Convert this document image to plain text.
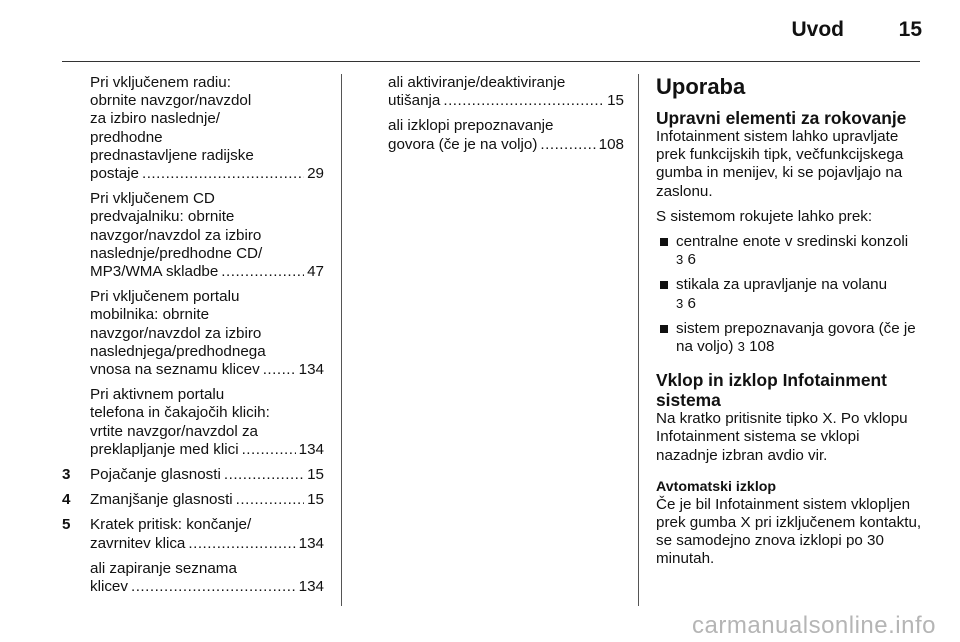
Uvod	15
Pri vključenem radiu:
obrnite navzgor/navzdol
za izbiro naslednje/
predhodne
prednastavljene radijske
postaje .....	29
Pri vključenem CD
predvajalniku: obrnite
navzgor/navzdol za izbiro
naslednje/predhodne CD/
MP3/WMA skladbe .....	47
Pri vključenem portalu
mobilnika: obrnite
navzgor/navzdol za izbiro
naslednjega/predhodnega
vnosa na seznamu klicev .....	134
Pri aktivnem portalu
telefona in čakajočih klicih:
vrtite navzgor/navzdol za
preklapljanje med klici .....	134
3 Pojačanje glasnosti .....	15
4 Zmanjšanje glasnosti .....	15
5 Kratek pritisk: končanje/
zavrnitev klica .....	134
ali zapiranje seznama
klicev .....	134
ali aktiviranje/deaktiviranje
utišanja .....	15
ali izklopi prepoznavanje
govora (če je na voljo) .....	108
Uporaba
Upravni elementi za rokovanje

Infotainment sistem lahko upravljate prek funkcijskih tipk, večfunkcijskega gumba in menijev, ki se pojavljajo na zaslonu.

S sistemom rokujete lahko prek:

centralne enote v sredinski konzoli
3 6
stikala za upravljanje na volanu
3 6
sistem prepoznavanja govora (če je na voljo) 3 108
Vklop in izklop Infotainment sistema

Na kratko pritisnite tipko X. Po vklopu Infotainment sistema se vklopi nazadnje izbran avdio vir.

Avtomatski izklop

Če je bil Infotainment sistem vklopljen prek gumba X pri izključenem kontaktu, se samodejno znova izklopi po 30 minutah.

carmanualsonline.info
